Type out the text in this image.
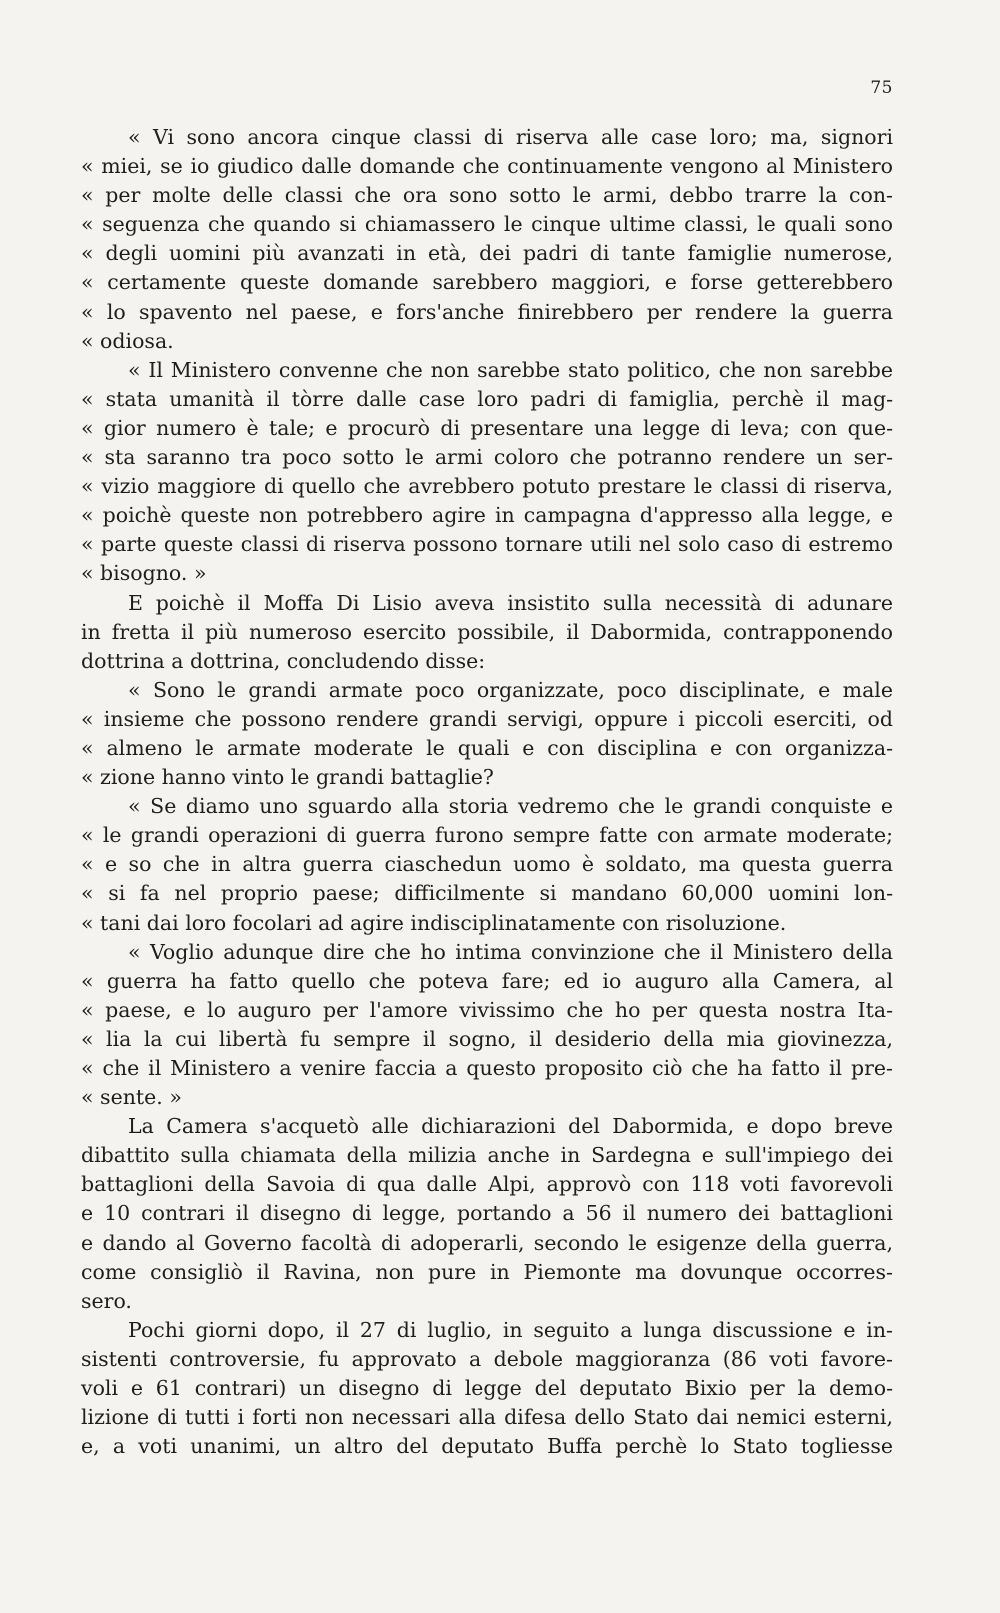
75
« Vi sono ancora cinque classi di riserva alle case loro; ma, signori
« miei, se io giudico dalle domande che continuamente vengono al Ministero
« per molte delle classi che ora sono sotto le armi, debbo trarre la con-
« seguenza che quando si chiamassero le cinque ultime classi, le quali sono
« degli uomini più avanzati in età, dei padri di tante famiglie numerose,
« certamente queste domande sarebbero maggiori, e forse getterebbero
« lo spavento nel paese, e fors'anche finirebbero per rendere la guerra
« odiosa.
« Il Ministero convenne che non sarebbe stato politico, che non sarebbe
« stata umanità il tòrre dalle case loro padri di famiglia, perchè il mag-
« gior numero è tale; e procurò di presentare una legge di leva; con que-
« sta saranno tra poco sotto le armi coloro che potranno rendere un ser-
« vizio maggiore di quello che avrebbero potuto prestare le classi di riserva,
« poichè queste non potrebbero agire in campagna d'appresso alla legge, e
« parte queste classi di riserva possono tornare utili nel solo caso di estremo
« bisogno. »
E poichè il Moffa Di Lisio aveva insistito sulla necessità di adunare
in fretta il più numeroso esercito possibile, il Dabormida, contrapponendo
dottrina a dottrina, concludendo disse:
« Sono le grandi armate poco organizzate, poco disciplinate, e male
« insieme che possono rendere grandi servigi, oppure i piccoli eserciti, od
« almeno le armate moderate le quali e con disciplina e con organizza-
« zione hanno vinto le grandi battaglie?
« Se diamo uno sguardo alla storia vedremo che le grandi conquiste e
« le grandi operazioni di guerra furono sempre fatte con armate moderate;
« e so che in altra guerra ciaschedun uomo è soldato, ma questa guerra
« si fa nel proprio paese; difficilmente si mandano 60,000 uomini lon-
« tani dai loro focolari ad agire indisciplinatamente con risoluzione.
« Voglio adunque dire che ho intima convinzione che il Ministero della
« guerra ha fatto quello che poteva fare; ed io auguro alla Camera, al
« paese, e lo auguro per l'amore vivissimo che ho per questa nostra Ita-
« lia la cui libertà fu sempre il sogno, il desiderio della mia giovinezza,
« che il Ministero a venire faccia a questo proposito ciò che ha fatto il pre-
« sente. »
La Camera s'acquetò alle dichiarazioni del Dabormida, e dopo breve
dibattito sulla chiamata della milizia anche in Sardegna e sull'impiego dei
battaglioni della Savoia di qua dalle Alpi, approvò con 118 voti favorevoli
e 10 contrari il disegno di legge, portando a 56 il numero dei battaglioni
e dando al Governo facoltà di adoperarli, secondo le esigenze della guerra,
come consigliò il Ravina, non pure in Piemonte ma dovunque occorres-
sero.
Pochi giorni dopo, il 27 di luglio, in seguito a lunga discussione e in-
sistenti controversie, fu approvato a debole maggioranza (86 voti favore-
voli e 61 contrari) un disegno di legge del deputato Bixio per la demo-
lizione di tutti i forti non necessari alla difesa dello Stato dai nemici esterni,
e, a voti unanimi, un altro del deputato Buffa perchè lo Stato togliesse
